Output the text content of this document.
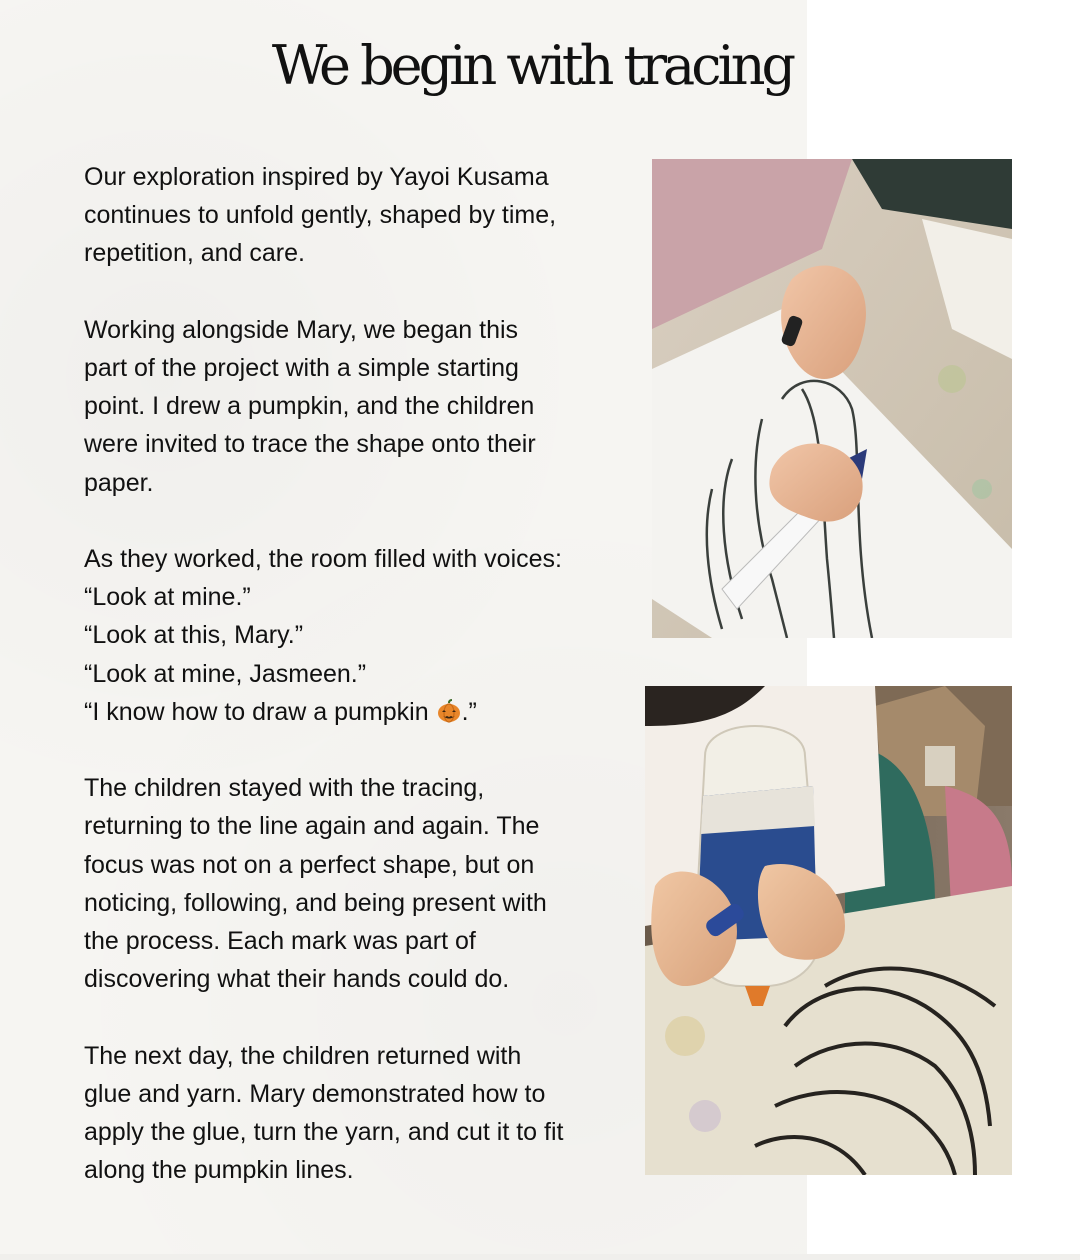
We begin with tracing
Our exploration inspired by Yayoi Kusama
continues to unfold gently, shaped by time,
repetition, and care.
Working alongside Mary, we began this
part of the project with a simple starting
point. I drew a pumpkin, and the children
were invited to trace the shape onto their
paper.
As they worked, the room filled with voices:
“Look at mine.”
“Look at this, Mary.”
“Look at mine, Jasmeen.”
“I know how to draw a pumpkin .”
The children stayed with the tracing,
returning to the line again and again. The
focus was not on a perfect shape, but on
noticing, following, and being present with
the process. Each mark was part of
discovering what their hands could do.
The next day, the children returned with
glue and yarn. Mary demonstrated how to
apply the glue, turn the yarn, and cut it to fit
along the pumpkin lines.
